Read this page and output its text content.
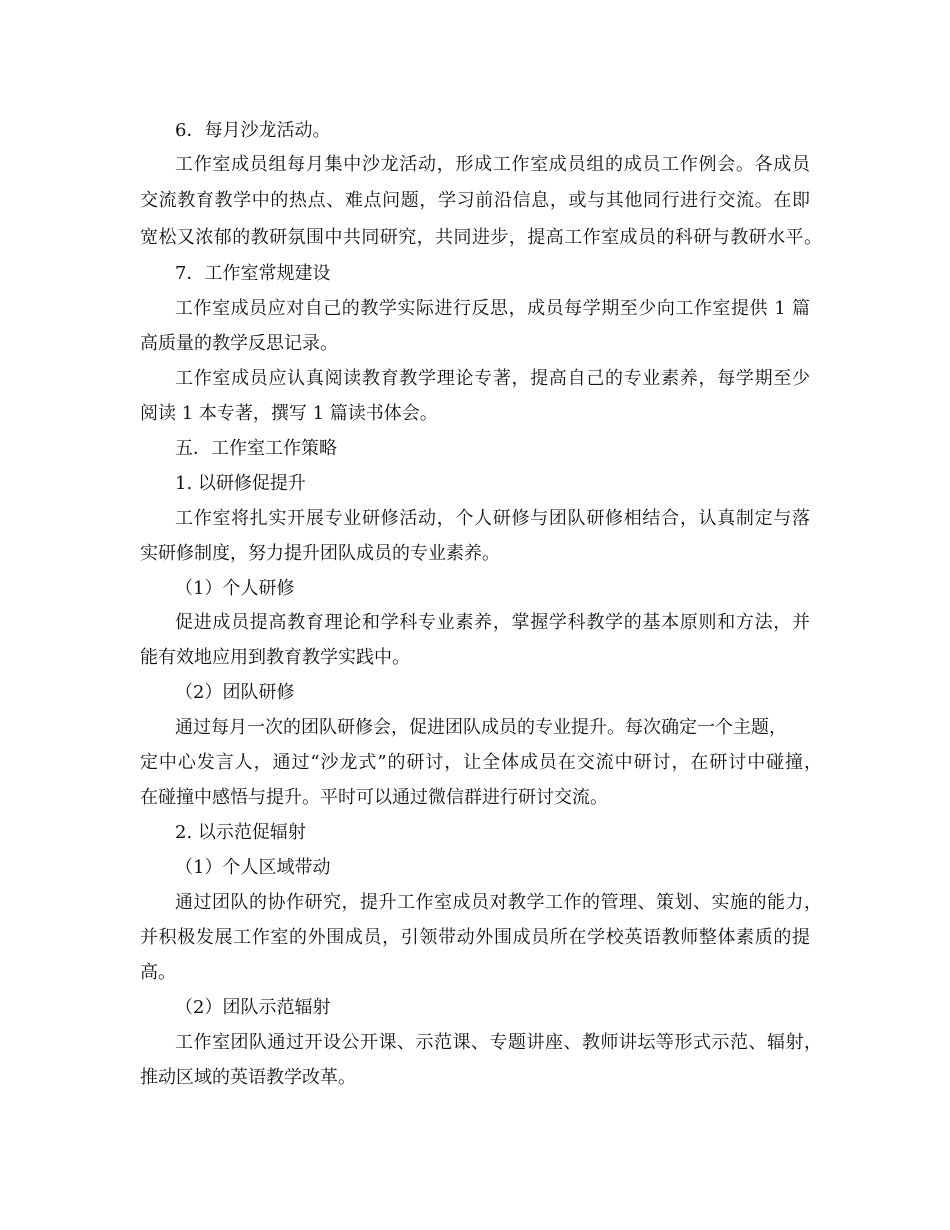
6．每月沙龙活动。
工作室成员组每月集中沙龙活动，形成工作室成员组的成员工作例会。各成员
交流教育教学中的热点、难点问题，学习前沿信息，或与其他同行进行交流。在即
宽松又浓郁的教研氛围中共同研究，共同进步，提高工作室成员的科研与教研水平。
7．工作室常规建设
工作室成员应对自己的教学实际进行反思，成员每学期至少向工作室提供 1 篇
高质量的教学反思记录。
工作室成员应认真阅读教育教学理论专著，提高自己的专业素养，每学期至少
阅读 1 本专著，撰写 1 篇读书体会。
五．工作室工作策略
1. 以研修促提升
工作室将扎实开展专业研修活动，个人研修与团队研修相结合，认真制定与落
实研修制度，努力提升团队成员的专业素养。
（1）个人研修
促进成员提高教育理论和学科专业素养，掌握学科教学的基本原则和方法，并
能有效地应用到教育教学实践中。
（2）团队研修
通过每月一次的团队研修会，促进团队成员的专业提升。每次确定一个主题，
定中心发言人，通过“沙龙式”的研讨，让全体成员在交流中研讨，在研讨中碰撞，
在碰撞中感悟与提升。平时可以通过微信群进行研讨交流。
2. 以示范促辐射
（1）个人区域带动
通过团队的协作研究，提升工作室成员对教学工作的管理、策划、实施的能力，
并积极发展工作室的外围成员，引领带动外围成员所在学校英语教师整体素质的提
高。
（2）团队示范辐射
工作室团队通过开设公开课、示范课、专题讲座、教师讲坛等形式示范、辐射，
推动区域的英语教学改革。
